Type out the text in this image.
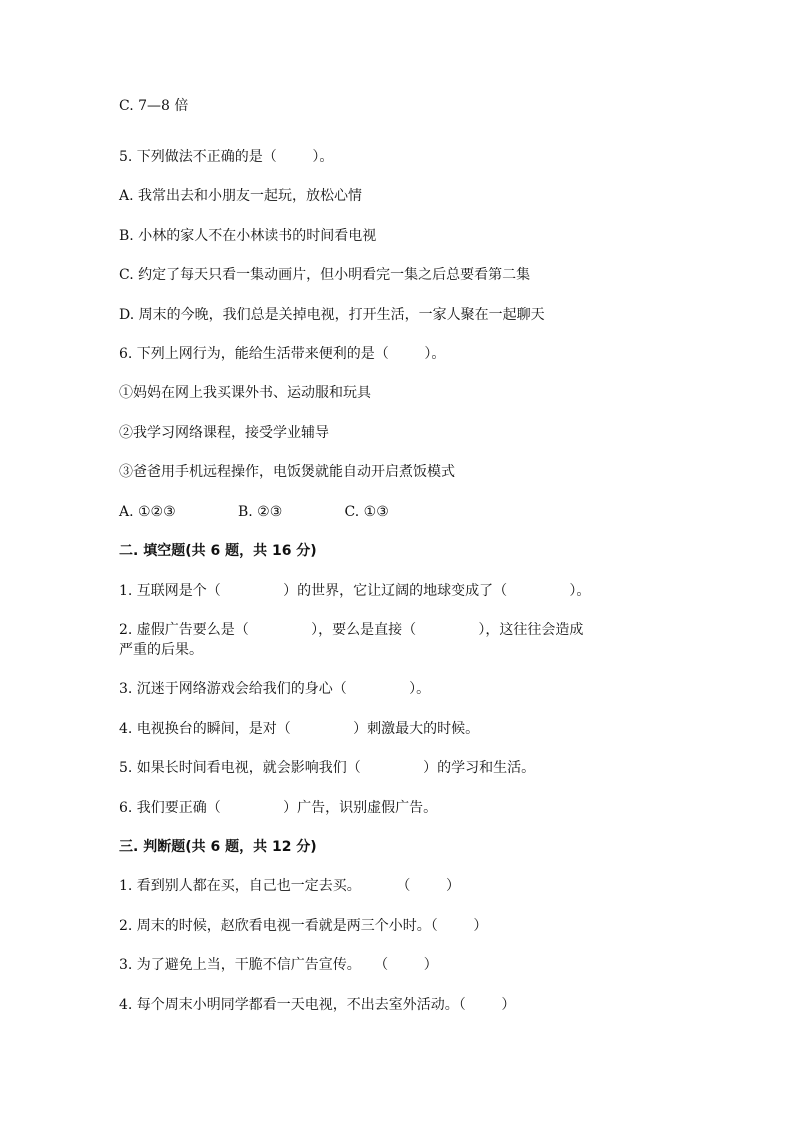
C. 7—8 倍
5. 下列做法不正确的是（        ）。
A. 我常出去和小朋友一起玩，放松心情
B. 小林的家人不在小林读书的时间看电视
C. 约定了每天只看一集动画片，但小明看完一集之后总要看第二集
D. 周末的今晚，我们总是关掉电视，打开生活，一家人聚在一起聊天
6. 下列上网行为，能给生活带来便利的是（        ）。
①妈妈在网上我买课外书、运动服和玩具
②我学习网络课程，接受学业辅导
③爸爸用手机远程操作，电饭煲就能自动开启煮饭模式
A. ①②③              B. ②③              C. ①③
二. 填空题(共 6 题，共 16 分)
1. 互联网是个（              ）的世界，它让辽阔的地球变成了（              ）。
2. 虚假广告要么是（              ），要么是直接（              ），这往往会造成
严重的后果。
3. 沉迷于网络游戏会给我们的身心（              ）。
4. 电视换台的瞬间，是对（              ）刺激最大的时候。
5. 如果长时间看电视，就会影响我们（              ）的学习和生活。
6. 我们要正确（              ）广告，识别虚假广告。
三. 判断题(共 6 题，共 12 分)
1. 看到别人都在买，自己也一定去买。        （        ）
2. 周末的时候，赵欣看电视一看就是两三个小时。（        ）
3. 为了避免上当，干脆不信广告宣传。   （        ）
4. 每个周末小明同学都看一天电视，不出去室外活动。（        ）
